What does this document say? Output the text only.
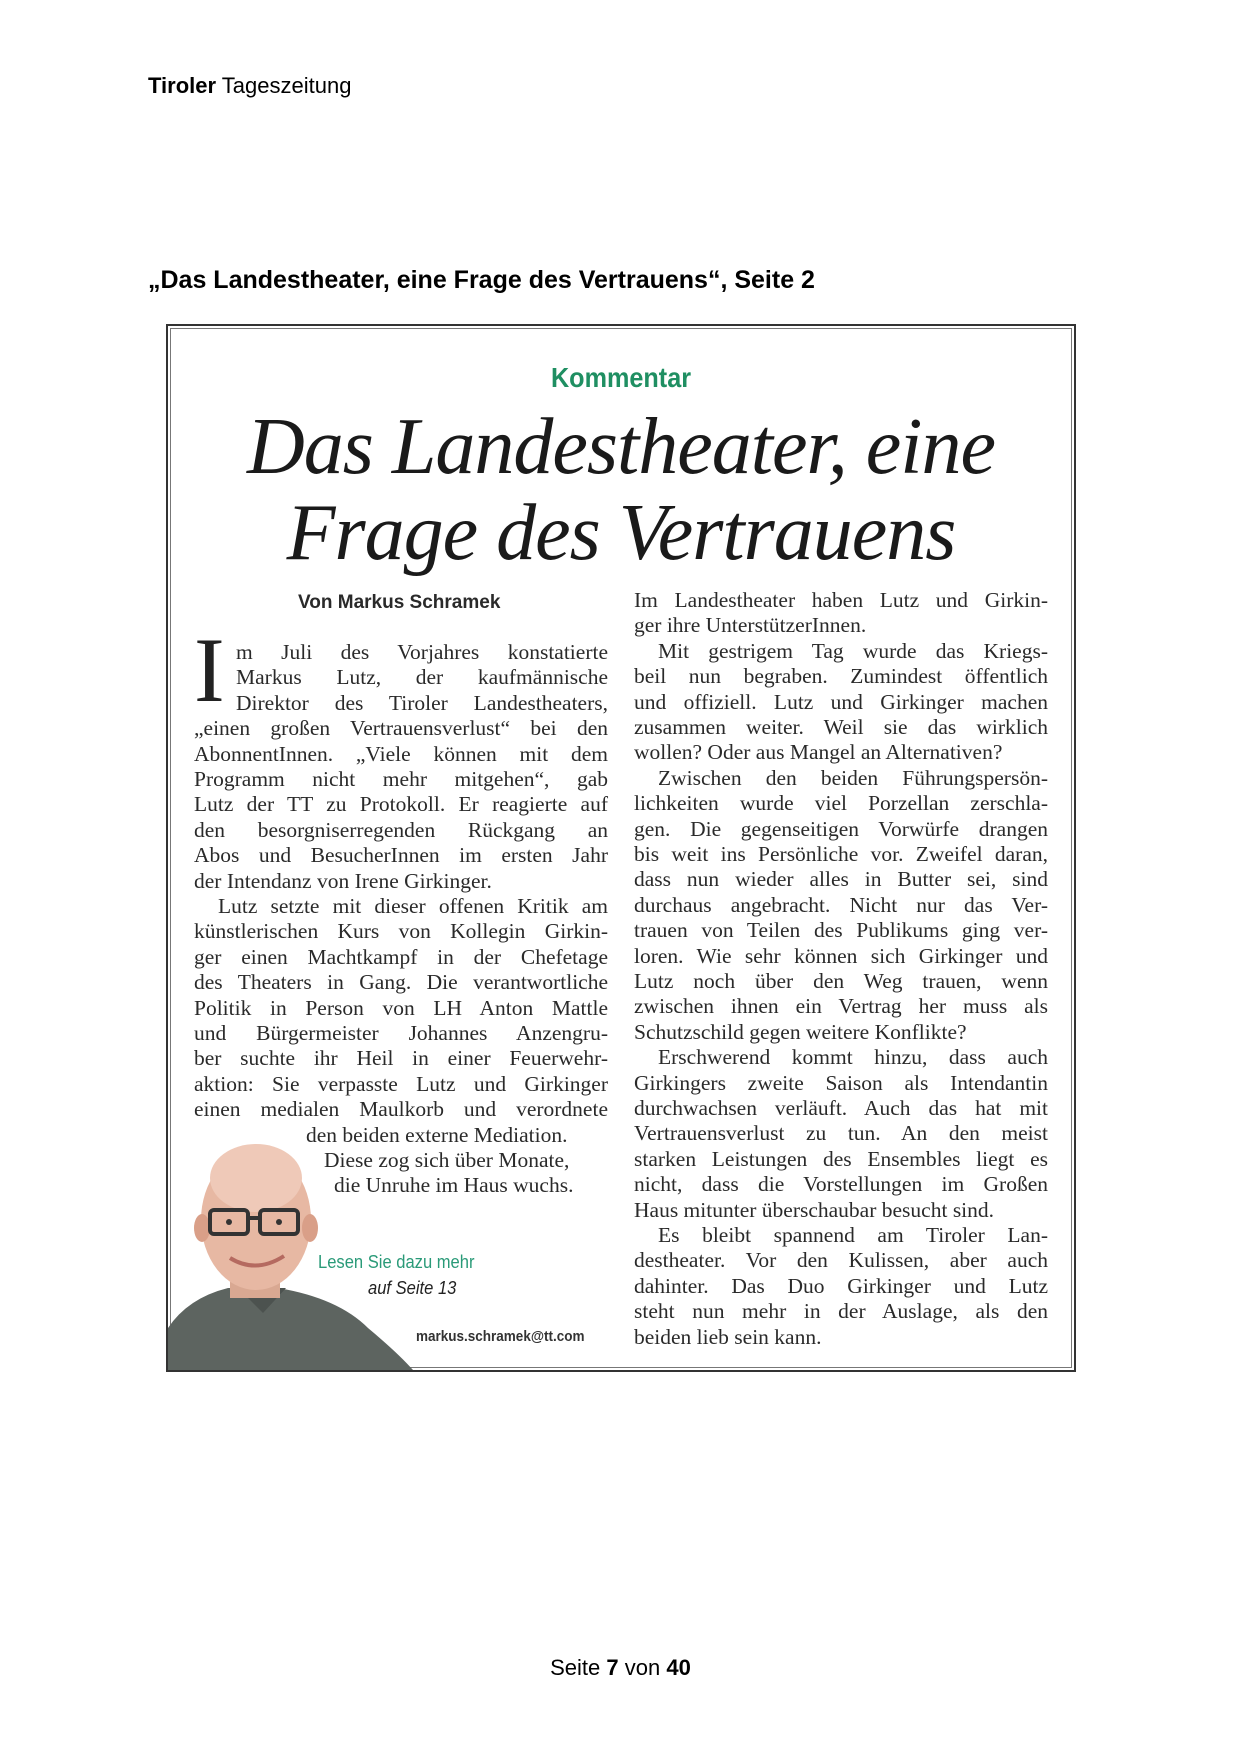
Tiroler Tageszeitung
„Das Landestheater, eine Frage des Vertrauens“, Seite 2
Kommentar
Das Landestheater, eine
Frage des Vertrauens
Von Markus Schramek
I m Juli des Vorjahres konstatierte
Markus Lutz, der kaufmännische
Direktor des Tiroler Landestheaters,
„einen großen Vertrauensverlust“ bei den
AbonnentInnen. „Viele können mit dem
Programm nicht mehr mitgehen“, gab
Lutz der TT zu Protokoll. Er reagierte auf
den besorgniserregenden Rückgang an
Abos und BesucherInnen im ersten Jahr
der Intendanz von Irene Girkinger.
Lutz setzte mit dieser offenen Kritik am
künstlerischen Kurs von Kollegin Girkin-
ger einen Machtkampf in der Chefetage
des Theaters in Gang. Die verantwortliche
Politik in Person von LH Anton Mattle
und Bürgermeister Johannes Anzengru-
ber suchte ihr Heil in einer Feuerwehr-
aktion: Sie verpasste Lutz und Girkinger
einen medialen Maulkorb und verordnete
den beiden externe Mediation.
Diese zog sich über Monate,
die Unruhe im Haus wuchs.
Im Landestheater haben Lutz und Girkin-
ger ihre UnterstützerInnen.
Mit gestrigem Tag wurde das Kriegs-
beil nun begraben. Zumindest öffentlich
und offiziell. Lutz und Girkinger machen
zusammen weiter. Weil sie das wirklich
wollen? Oder aus Mangel an Alternativen?
Zwischen den beiden Führungspersön-
lichkeiten wurde viel Porzellan zerschla-
gen. Die gegenseitigen Vorwürfe drangen
bis weit ins Persönliche vor. Zweifel daran,
dass nun wieder alles in Butter sei, sind
durchaus angebracht. Nicht nur das Ver-
trauen von Teilen des Publikums ging ver-
loren. Wie sehr können sich Girkinger und
Lutz noch über den Weg trauen, wenn
zwischen ihnen ein Vertrag her muss als
Schutzschild gegen weitere Konflikte?
Erschwerend kommt hinzu, dass auch
Girkingers zweite Saison als Intendantin
durchwachsen verläuft. Auch das hat mit
Vertrauensverlust zu tun. An den meist
starken Leistungen des Ensembles liegt es
nicht, dass die Vorstellungen im Großen
Haus mitunter überschaubar besucht sind.
Es bleibt spannend am Tiroler Lan-
destheater. Vor den Kulissen, aber auch
dahinter. Das Duo Girkinger und Lutz
steht nun mehr in der Auslage, als den
beiden lieb sein kann.
Lesen Sie dazu mehr
auf Seite 13
markus.schramek@tt.com
Seite 7 von 40
